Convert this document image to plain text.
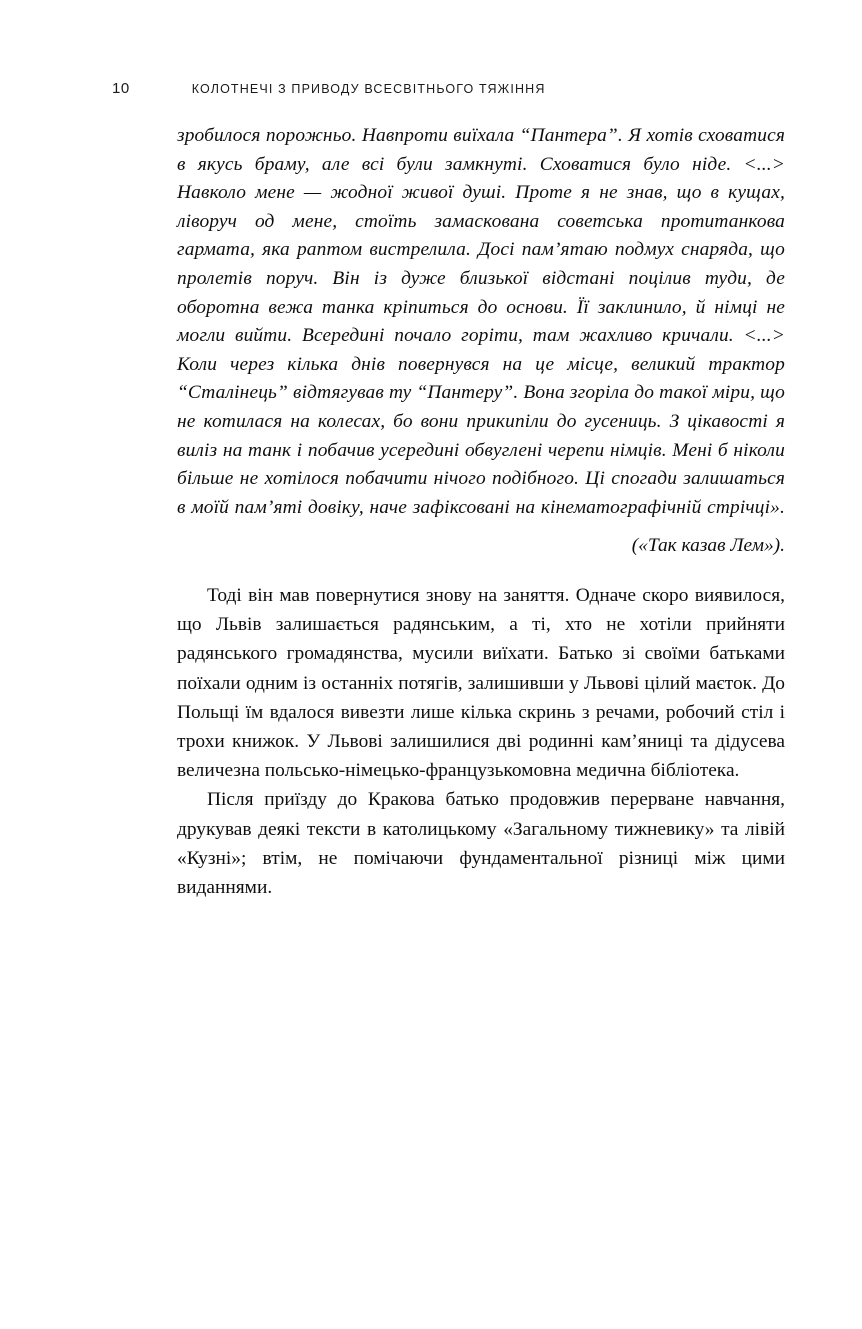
10	КОЛОТНЕЧІ З ПРИВОДУ ВСЕСВІТНЬОГО ТЯЖІННЯ

зробилося порожньо. Навпроти виїхала “Пантера”. Я хотів сховатися в якусь браму, але всі були замкнуті. Сховатися було ніде. <...> Навколо мене — жодної живої душі. Проте я не знав, що в кущах, ліворуч од мене, стоїть замаскована советська протитанкова гармата, яка раптом вистрелила. Досі пам’ятаю подмух снаряда, що пролетів поруч. Він із дуже близької відстані поцілив туди, де оборотна вежа танка кріпиться до основи. Її заклинило, й німці не могли вийти. Всередині почало горіти, там жахливо кричали. <...> Коли через кілька днів повернувся на це місце, великий трактор “Сталінець” відтягував ту “Пантеру”. Вона згоріла до такої міри, що не котилася на колесах, бо вони прикипіли до гусениць. З цікавості я виліз на танк і побачив усередині обвуглені черепи німців. Мені б ніколи більше не хотілося побачити нічого подібного. Ці спогади залишаться в моїй пам’яті довіку, наче зафіксовані на кінематографічній стрічці».

(«Так казав Лем»).

Тоді він мав повернутися знову на заняття. Одначе скоро виявилося, що Львів залишається радянським, а ті, хто не хотіли прийняти радянського громадянства, мусили виїхати. Батько зі своїми батьками поїхали одним із останніх потягів, залишивши у Львові цілий маєток. До Польщі їм вдалося вивезти лише кілька скринь з речами, робочий стіл і трохи книжок. У Львові залишилися дві родинні кам’яниці та дідусева величезна польсько-німецько-французькомовна медична бібліотека.

Після приїзду до Кракова батько продовжив перерване навчання, друкував деякі тексти в католицькому «Загальному тижневику» та лівій «Кузні»; втім, не помічаючи фундаментальної різниці між цими виданнями.
